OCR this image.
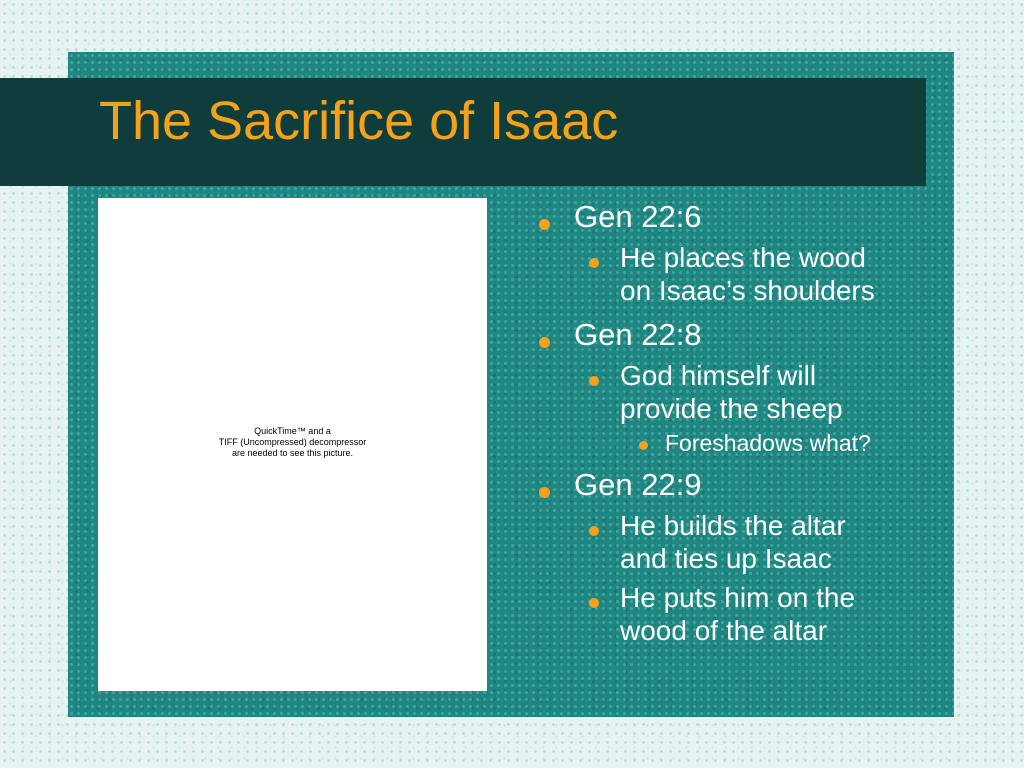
The Sacrifice of Isaac
QuickTime™ and a
TIFF (Uncompressed) decompressor
are needed to see this picture.
Gen 22:6
He places the wood
on Isaac’s shoulders
Gen 22:8
God himself will
provide the sheep
Foreshadows what?
Gen 22:9
He builds the altar
and ties up Isaac
He puts him on the
wood of the altar
